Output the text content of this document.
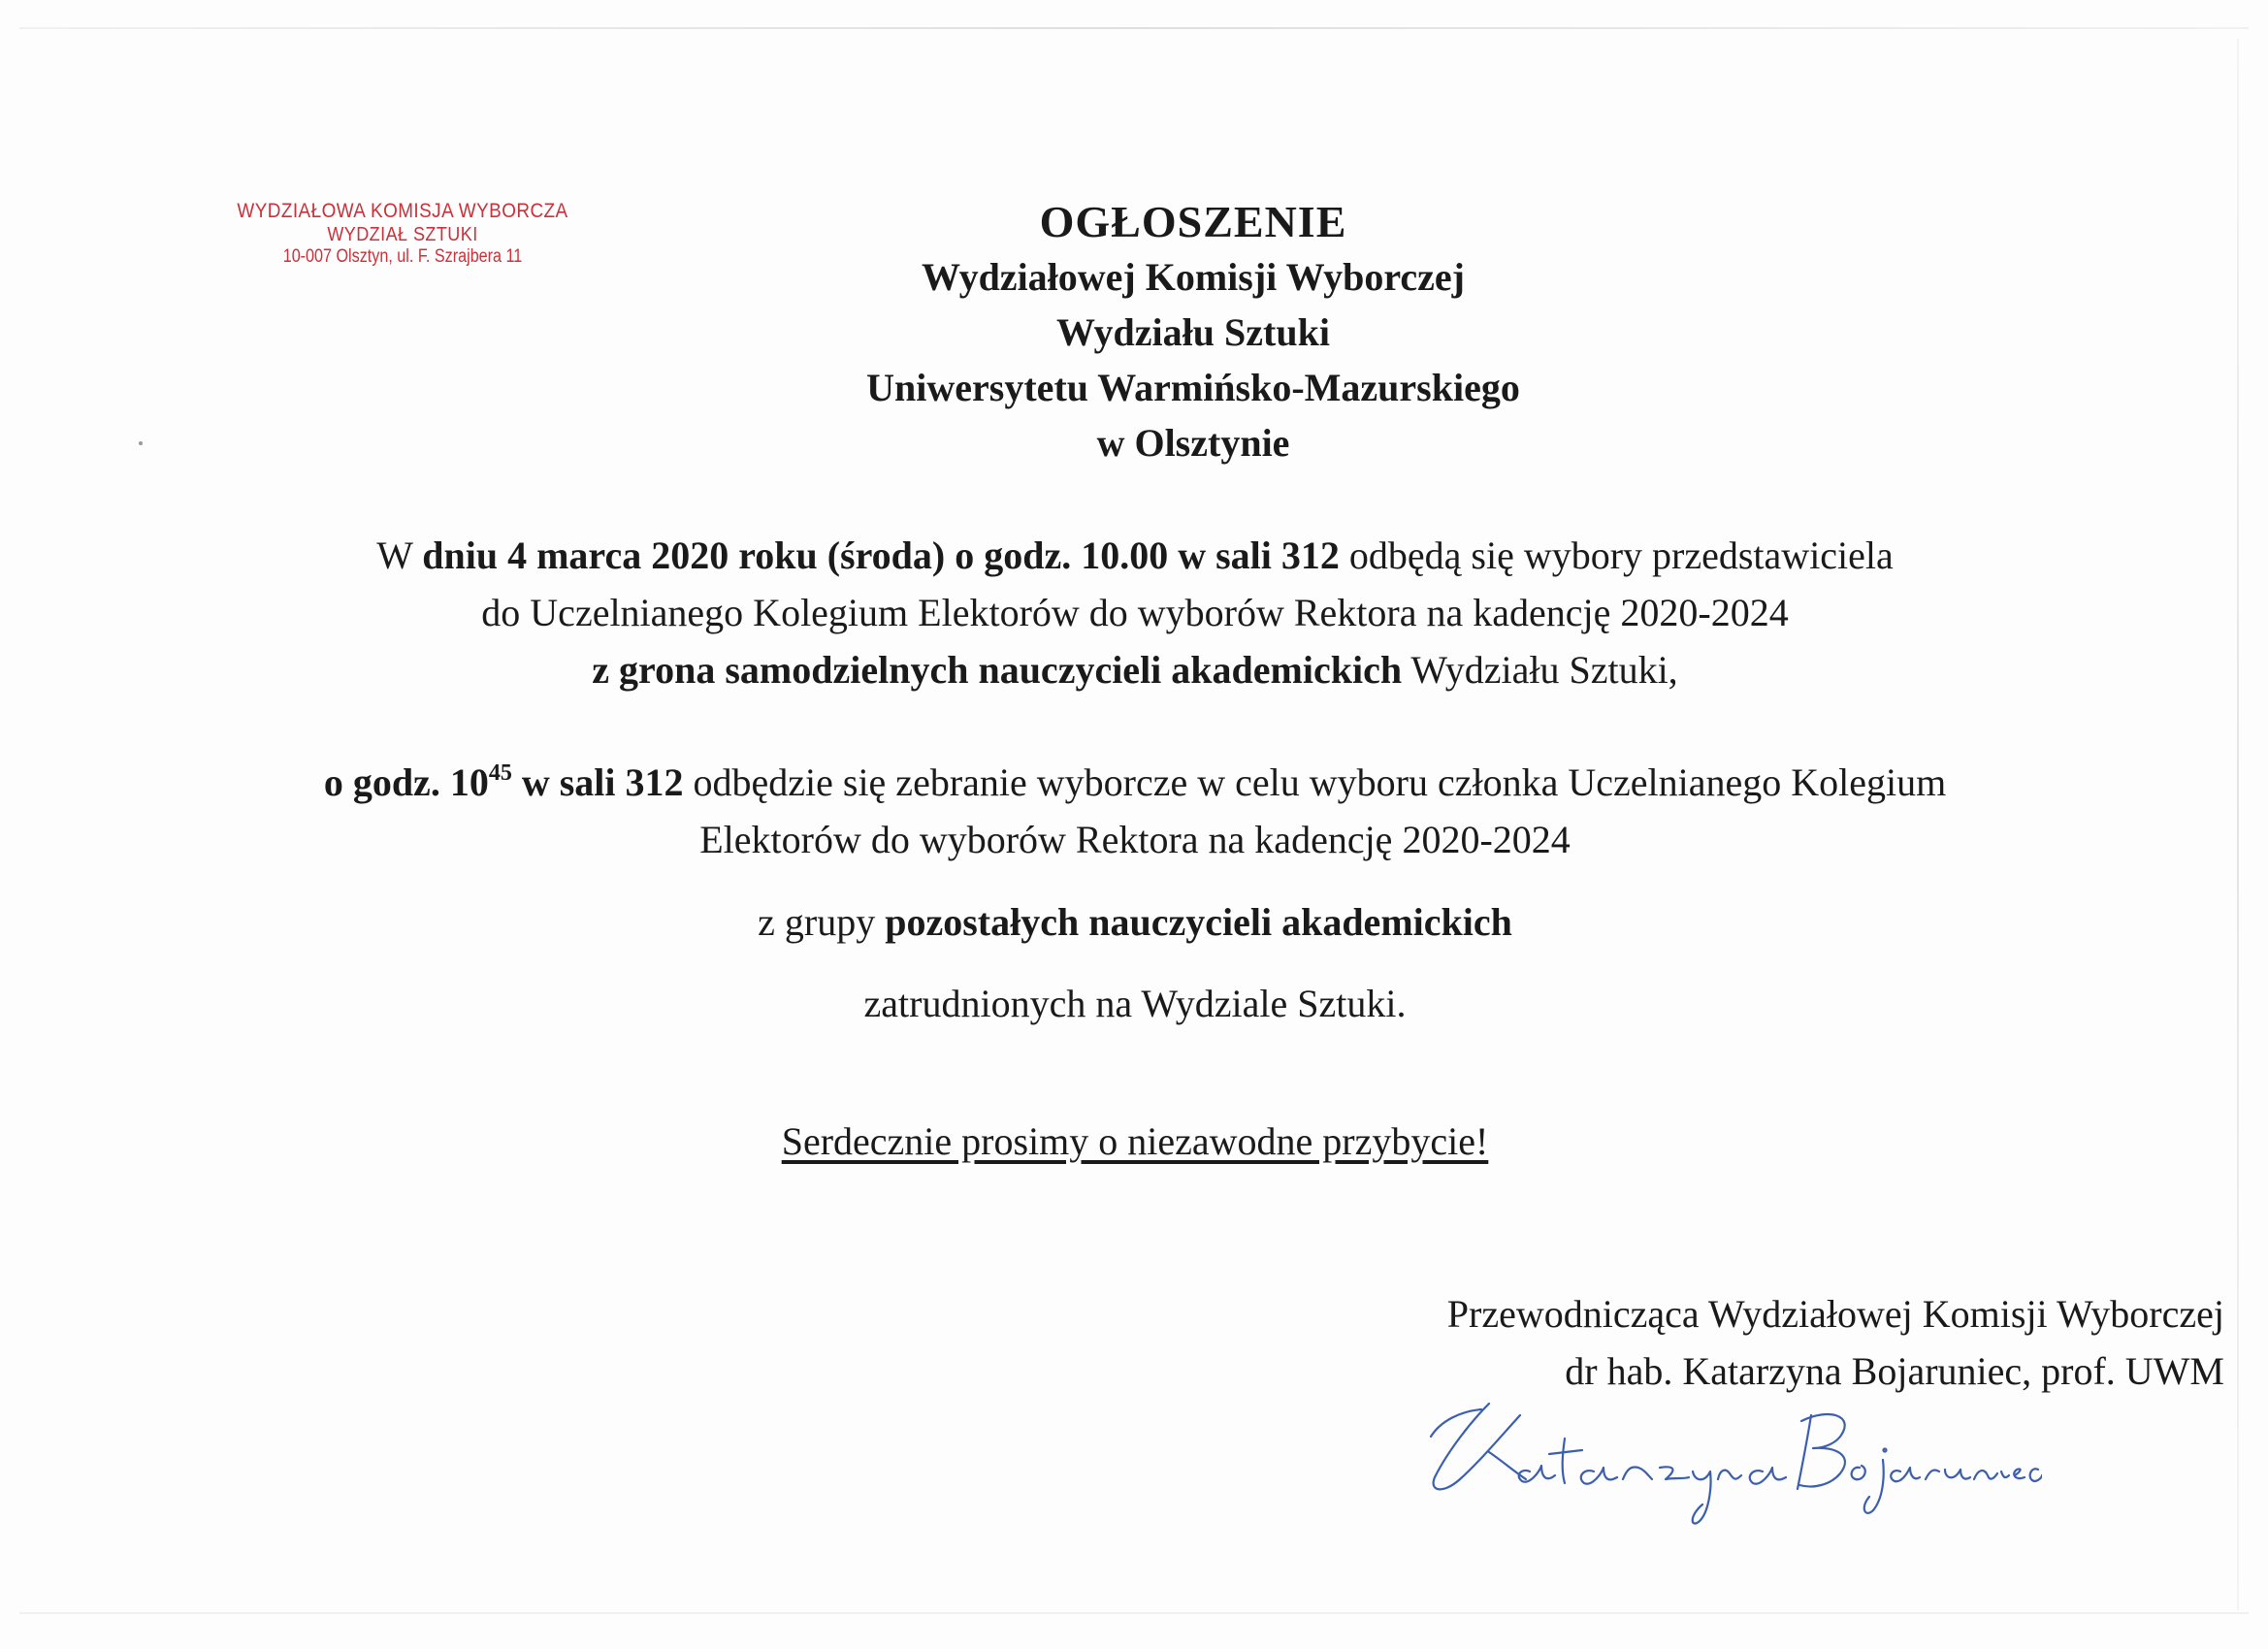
WYDZIAŁOWA KOMISJA WYBORCZA
WYDZIAŁ SZTUKI
10-007 Olsztyn, ul. F. Szrajbera 11
OGŁOSZENIE
Wydziałowej Komisji Wyborczej
Wydziału Sztuki
Uniwersytetu Warmińsko-Mazurskiego
w Olsztynie
W dniu 4 marca 2020 roku (środa) o godz. 10.00 w sali 312 odbędą się wybory przedstawiciela
do Uczelnianego Kolegium Elektorów do wyborów Rektora na kadencję 2020-2024
z grona samodzielnych nauczycieli akademickich Wydziału Sztuki,
o godz. $10^{45}$ w sali 312 odbędzie się zebranie wyborcze w celu wyboru członka Uczelnianego Kolegium
Elektorów do wyborów Rektora na kadencję 2020-2024
z grupy pozostałych nauczycieli akademickich
zatrudnionych na Wydziale Sztuki.
Serdecznie prosimy o niezawodne przybycie!
Przewodnicząca Wydziałowej Komisji Wyborczej
dr hab. Katarzyna Bojaruniec, prof. UWM
